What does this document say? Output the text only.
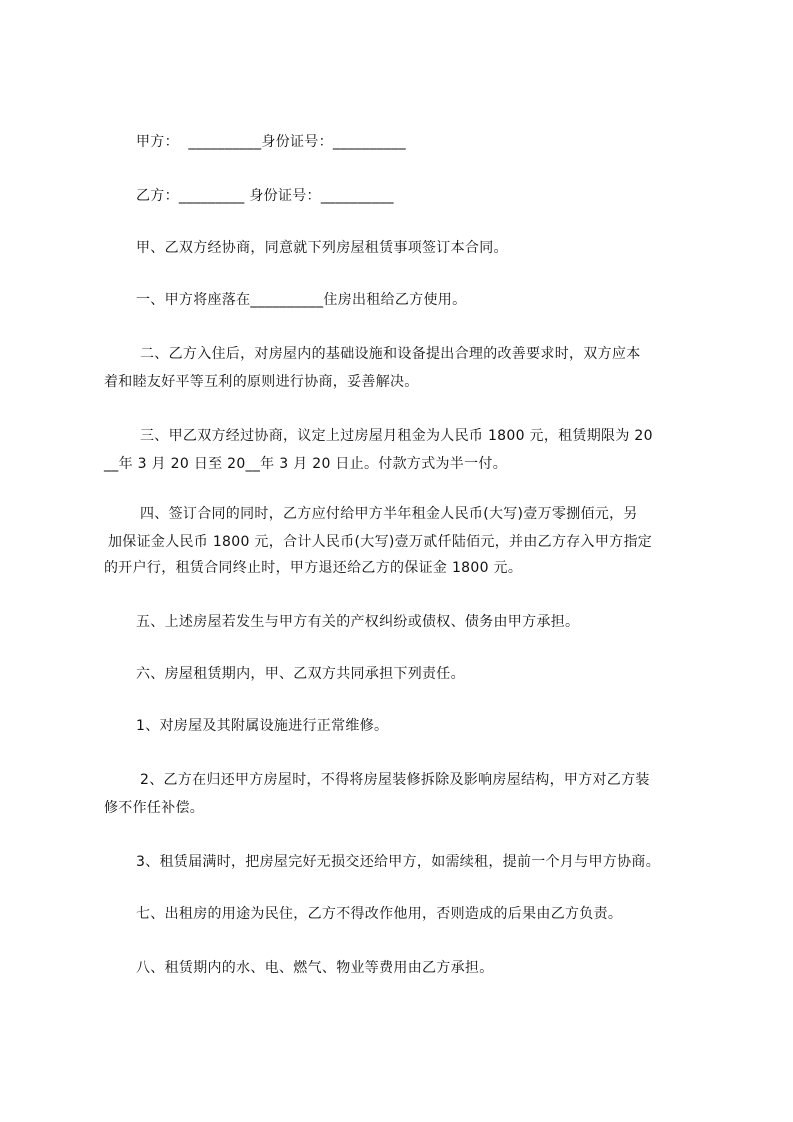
甲方：  __________身份证号：__________
乙方：_________ 身份证号：__________
甲、乙双方经协商，同意就下列房屋租赁事项签订本合同。
一、甲方将座落在__________住房出租给乙方使用。
二、乙方入住后，对房屋内的基础设施和设备提出合理的改善要求时，双方应本
着和睦友好平等互利的原则进行协商，妥善解决。
三、甲乙双方经过协商，议定上过房屋月租金为人民币 1800 元，租赁期限为 20
__年 3 月 20 日至 20__年 3 月 20 日止。付款方式为半一付。
四、签订合同的同时，乙方应付给甲方半年租金人民币(大写)壹万零捌佰元，另
加保证金人民币 1800 元，合计人民币(大写)壹万贰仟陆佰元，并由乙方存入甲方指定
的开户行，租赁合同终止时，甲方退还给乙方的保证金 1800 元。
五、上述房屋若发生与甲方有关的产权纠纷或债权、债务由甲方承担。
六、房屋租赁期内，甲、乙双方共同承担下列责任。
1、对房屋及其附属设施进行正常维修。
2、乙方在归还甲方房屋时，不得将房屋装修拆除及影响房屋结构，甲方对乙方装
修不作任补偿。
3、租赁届满时，把房屋完好无损交还给甲方，如需续租，提前一个月与甲方协商。
七、出租房的用途为民住，乙方不得改作他用，否则造成的后果由乙方负责。
八、租赁期内的水、电、燃气、物业等费用由乙方承担。
